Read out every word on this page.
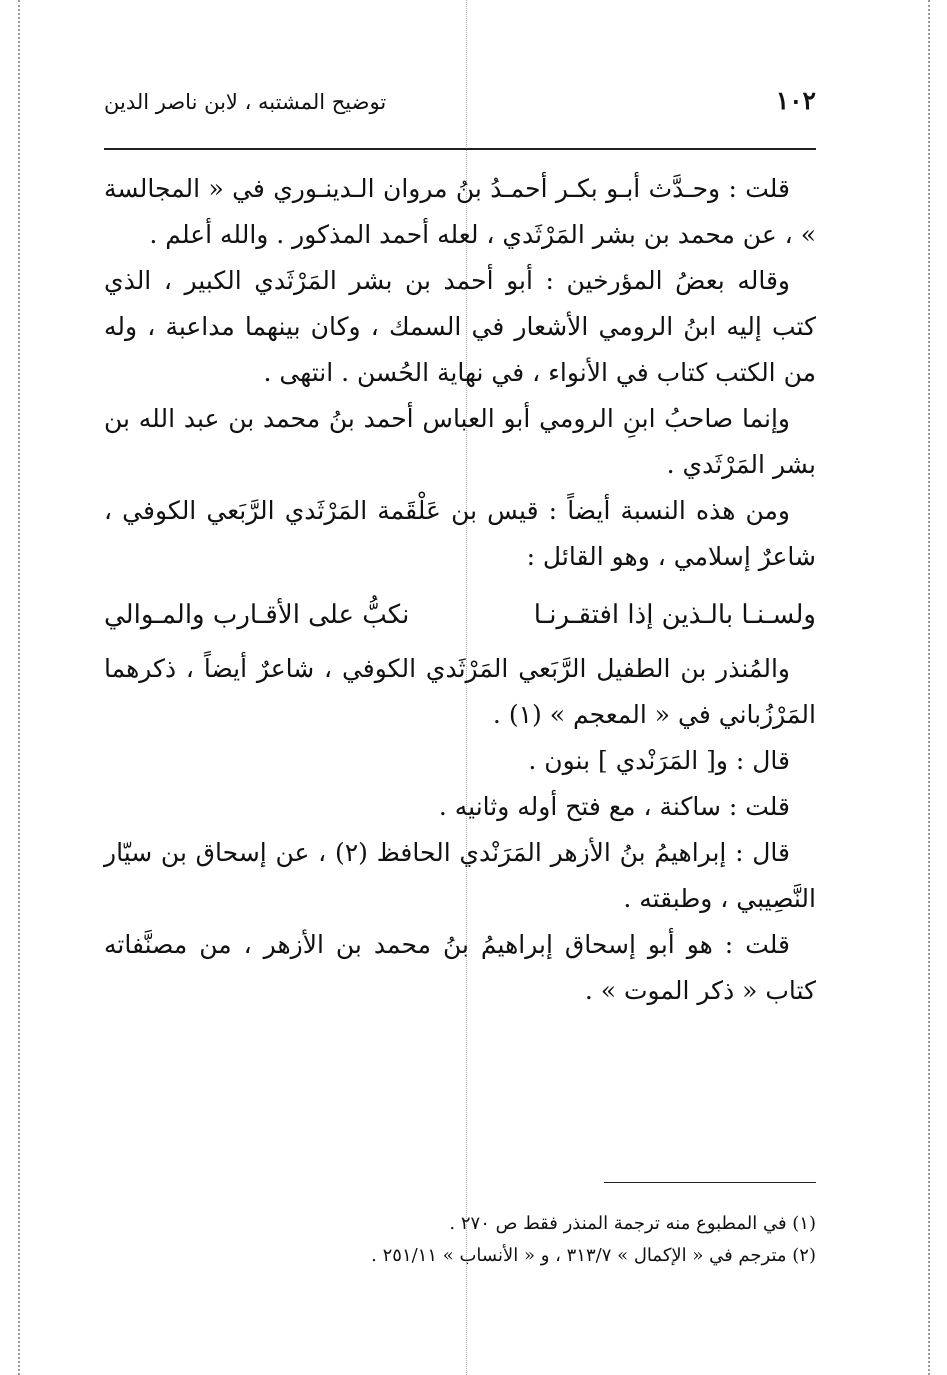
١٠٢
توضيح المشتبه ، لابن ناصر الدين

قلت : وحـدَّث أبـو بكـر أحمـدُ بنُ مروان الـدينـوري في « المجالسة » ، عن محمد بن بشر المَرْثَدي ، لعله أحمد المذكور . والله أعلم .

وقاله بعضُ المؤرخين : أبو أحمد بن بشر المَرْثَدي الكبير ، الذي كتب إليه ابنُ الرومي الأشعار في السمك ، وكان بينهما مداعبة ، وله من الكتب كتاب في الأنواء ، في نهاية الحُسن . انتهى .

وإنما صاحبُ ابنِ الرومي أبو العباس أحمد بنُ محمد بن عبد الله بن بشر المَرْثَدي .

ومن هذه النسبة أيضاً : قيس بن عَلْقَمة المَرْثَدي الرَّبَعي الكوفي ، شاعرٌ إسلامي ، وهو القائل :

ولسـنـا بالـذين إذا افتقـرنـا
نكبُّ على الأقـارب والمـوالي

والمُنذر بن الطفيل الرَّبَعي المَرْثَدي الكوفي ، شاعرٌ أيضاً ، ذكرهما المَرْزُباني في « المعجم » (١) .

قال : و[ المَرَنْدي ] بنون .

قلت : ساكنة ، مع فتح أوله وثانيه .

قال : إبراهيمُ بنُ الأزهر المَرَنْدي الحافظ (٢) ، عن إسحاق بن سيّار النَّصِيبي ، وطبقته .

قلت : هو أبو إسحاق إبراهيمُ بنُ محمد بن الأزهر ، من مصنَّفاته كتاب « ذكر الموت » .

(١) في المطبوع منه ترجمة المنذر فقط ص ٢٧٠ .

(٢) مترجم في « الإكمال » ٣١٣/٧ ، و « الأنساب » ٢٥١/١١ .
